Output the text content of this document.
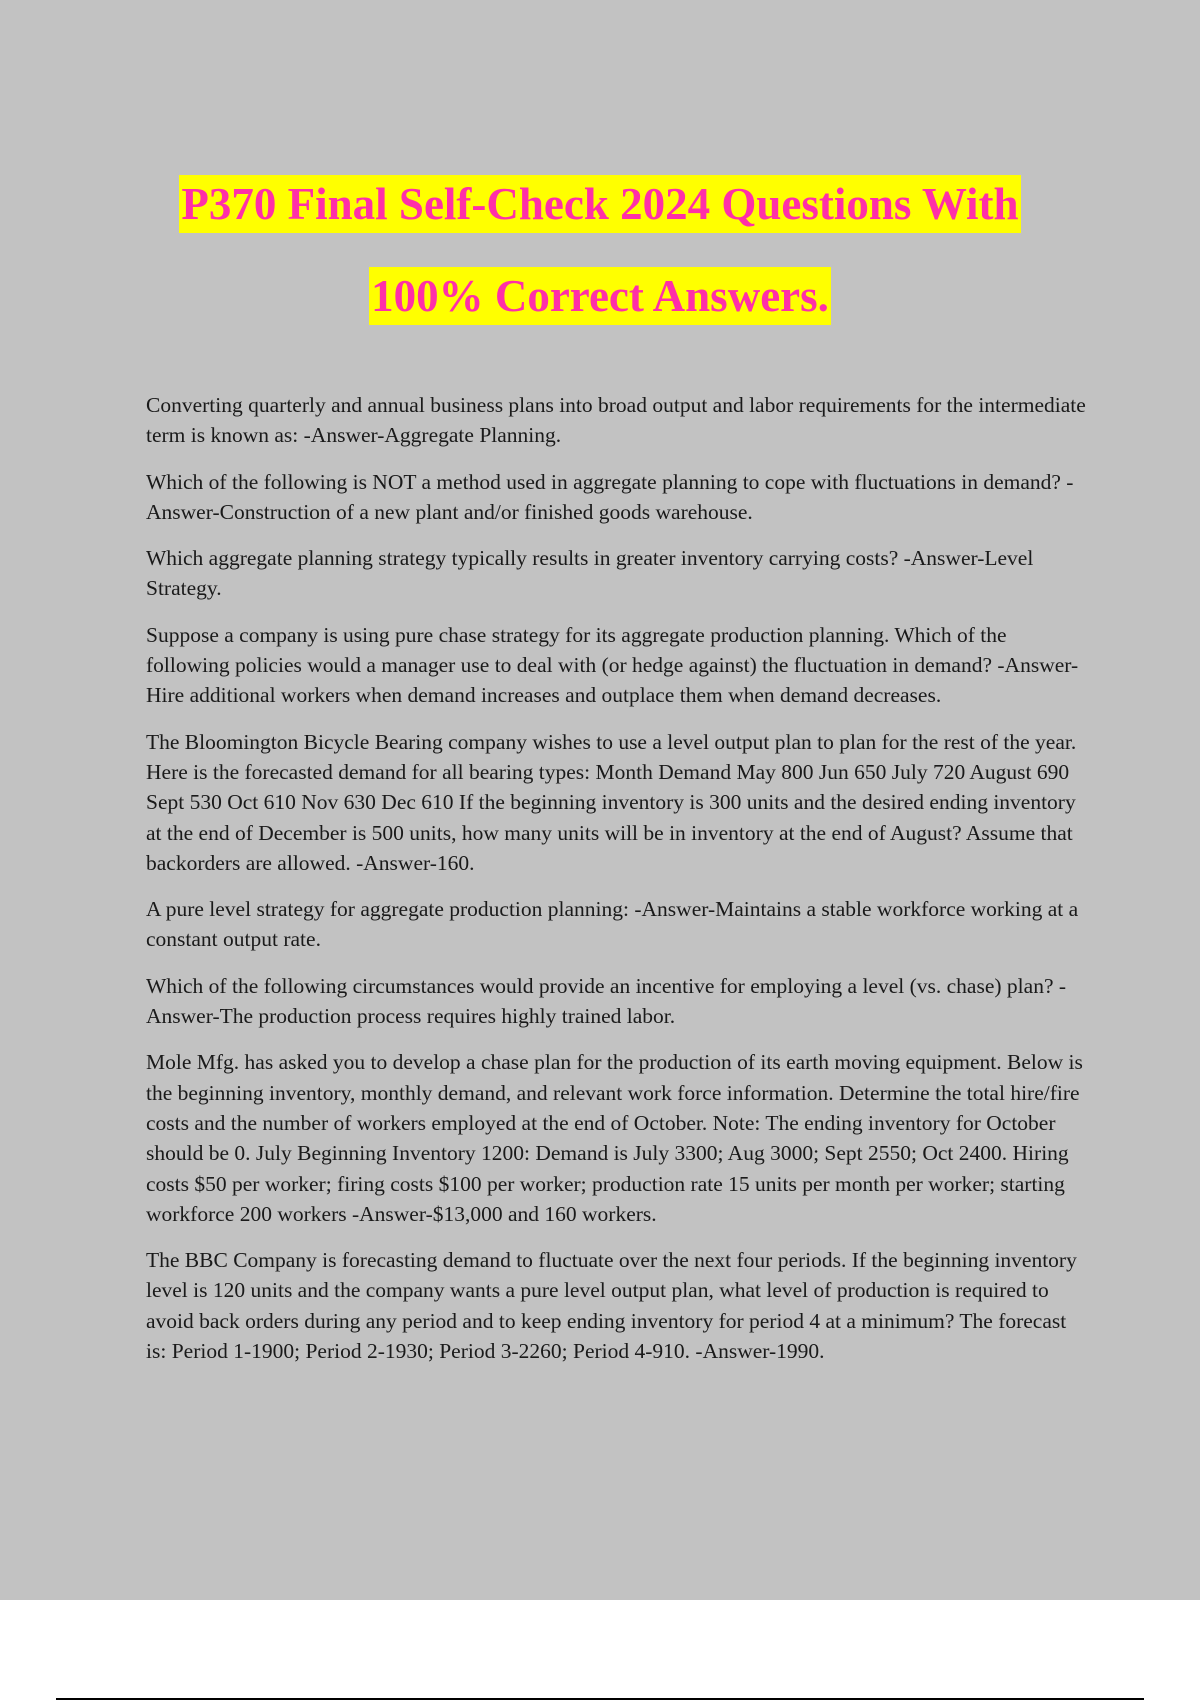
P370 Final Self-Check 2024 Questions With

100% Correct Answers.

Converting quarterly and annual business plans into broad output and labor requirements for the intermediate term is known as: -Answer-Aggregate Planning.

Which of the following is NOT a method used in aggregate planning to cope with fluctuations in demand? -Answer-Construction of a new plant and/or finished goods warehouse.

Which aggregate planning strategy typically results in greater inventory carrying costs? -Answer-Level Strategy.

Suppose a company is using pure chase strategy for its aggregate production planning. Which of the following policies would a manager use to deal with (or hedge against) the fluctuation in demand? -Answer-Hire additional workers when demand increases and outplace them when demand decreases.

The Bloomington Bicycle Bearing company wishes to use a level output plan to plan for the rest of the year. Here is the forecasted demand for all bearing types: Month Demand May 800 Jun 650 July 720 August 690 Sept 530 Oct 610 Nov 630 Dec 610 If the beginning inventory is 300 units and the desired ending inventory at the end of December is 500 units, how many units will be in inventory at the end of August? Assume that backorders are allowed. -Answer-160.

A pure level strategy for aggregate production planning: -Answer-Maintains a stable workforce working at a constant output rate.

Which of the following circumstances would provide an incentive for employing a level (vs. chase) plan? -Answer-The production process requires highly trained labor.

Mole Mfg. has asked you to develop a chase plan for the production of its earth moving equipment. Below is the beginning inventory, monthly demand, and relevant work force information. Determine the total hire/fire costs and the number of workers employed at the end of October. Note: The ending inventory for October should be 0. July Beginning Inventory 1200: Demand is July 3300; Aug 3000; Sept 2550; Oct 2400. Hiring costs $50 per worker; firing costs $100 per worker; production rate 15 units per month per worker; starting workforce 200 workers -Answer-$13,000 and 160 workers.

The BBC Company is forecasting demand to fluctuate over the next four periods. If the beginning inventory level is 120 units and the company wants a pure level output plan, what level of production is required to avoid back orders during any period and to keep ending inventory for period 4 at a minimum? The forecast is: Period 1-1900; Period 2-1930; Period 3-2260; Period 4-910. -Answer-1990.
